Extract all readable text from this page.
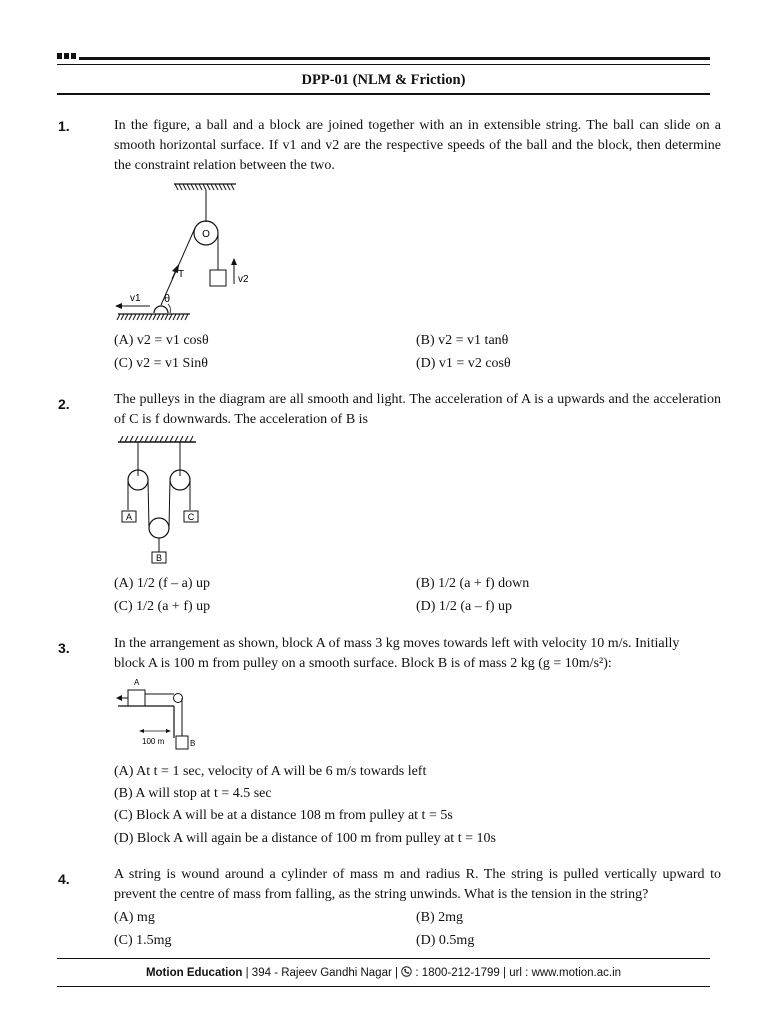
DPP-01 (NLM & Friction)
1.	In the figure, a ball and a block are joined together with an in extensible string. The ball can slide on a smooth horizontal surface. If v1 and v2 are the respective speeds of the ball and the block, then determine the constraint relation between the two.
O
v2
T
θ
v1
(A) v2 = v1 cosθ	(B) v2 = v1 tanθ
(C) v2 = v1 Sinθ	(D) v1 = v2 cosθ
2.	The pulleys in the diagram are all smooth and light. The acceleration of A is a upwards and the acceleration of C is f downwards. The acceleration of B is
A	C
B
(A) 1/2 (f – a) up	(B) 1/2 (a + f) down
(C) 1/2 (a + f) up	(D) 1/2 (a – f) up
3.	In the arrangement as shown, block A of mass 3 kg moves towards left with velocity 10 m/s. Initially
block A is 100 m from pulley on a smooth surface. Block B is of mass 2 kg (g = 10m/s²):
A
B
100 m
(A) At t = 1 sec, velocity of A will be 6 m/s towards left
(B) A will stop at t = 4.5 sec
(C) Block A will be at a distance 108 m from pulley at t = 5s
(D) Block A will again be a distance of 100 m from pulley at t = 10s
4.	A string is wound around a cylinder of mass m and radius R. The string is pulled vertically upward to prevent the centre of mass from falling, as the string unwinds. What is the tension in the string?
(A) mg	(B) 2mg
(C) 1.5mg	(D) 0.5mg
Motion Education | 394 - Rajeev Gandhi Nagar | : 1800-212-1799 | url : www.motion.ac.in
